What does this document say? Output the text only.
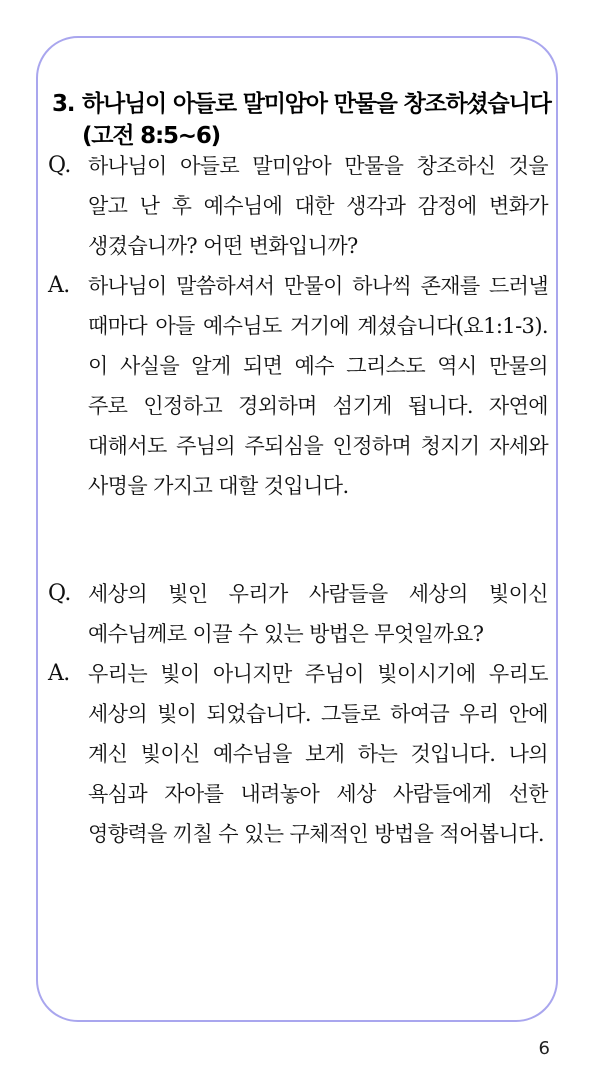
3. 하나님이 아들로 말미암아 만물을 창조하셨습니다
(고전 8:5~6)
Q. 하나님이 아들로 말미암아 만물을 창조하신 것을 알고 난 후 예수님에 대한 생각과 감정에 변화가 생겼습니까? 어떤 변화입니까?
A. 하나님이 말씀하셔서 만물이 하나씩 존재를 드러낼 때마다 아들 예수님도 거기에 계셨습니다(요1:1-3). 이 사실을 알게 되면 예수 그리스도 역시 만물의 주로 인정하고 경외하며 섬기게 됩니다. 자연에 대해서도 주님의 주되심을 인정하며 청지기 자세와 사명을 가지고 대할 것입니다.
Q. 세상의 빛인 우리가 사람들을 세상의 빛이신 예수님께로 이끌 수 있는 방법은 무엇일까요?
A. 우리는 빛이 아니지만 주님이 빛이시기에 우리도 세상의 빛이 되었습니다. 그들로 하여금 우리 안에 계신 빛이신 예수님을 보게 하는 것입니다. 나의 욕심과 자아를 내려놓아 세상 사람들에게 선한 영향력을 끼칠 수 있는 구체적인 방법을 적어봅니다.
6
